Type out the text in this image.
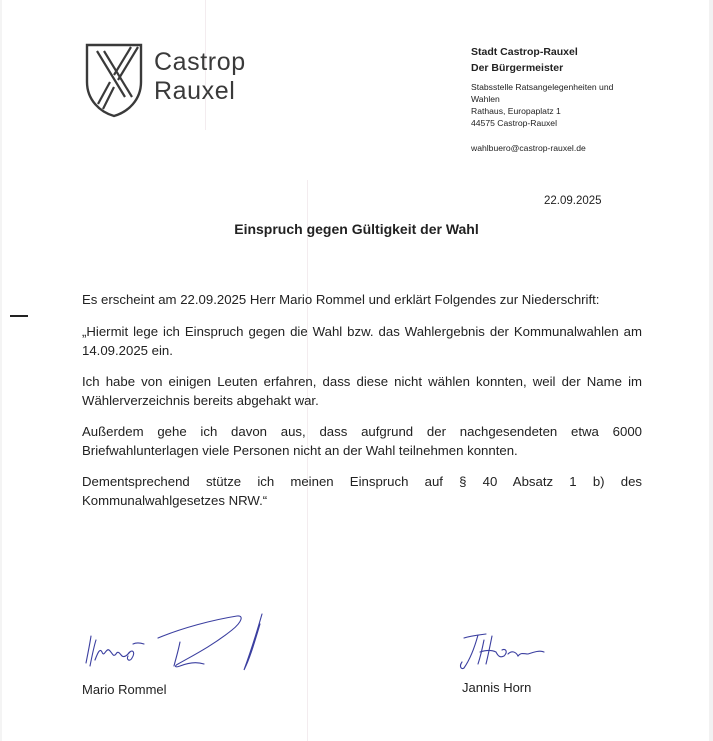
Castrop
Rauxel
Stadt Castrop-Rauxel
Der Bürgermeister
Stabsstelle Ratsangelegenheiten und
Wahlen
Rathaus, Europaplatz 1
44575 Castrop-Rauxel
wahlbuero@castrop-rauxel.de
22.09.2025
Einspruch gegen Gültigkeit der Wahl

Es erscheint am 22.09.2025 Herr Mario Rommel und erklärt Folgendes zur Niederschrift:

„Hiermit lege ich Einspruch gegen die Wahl bzw. das Wahlergebnis der Kommunalwahlen am 14.09.2025 ein.

Ich habe von einigen Leuten erfahren, dass diese nicht wählen konnten, weil der Name im Wählerverzeichnis bereits abgehakt war.

Außerdem gehe ich davon aus, dass aufgrund der nachgesendeten etwa 6000 Briefwahlunterlagen viele Personen nicht an der Wahl teilnehmen konnten.

Dementsprechend stütze ich meinen Einspruch auf § 40 Absatz 1 b) des Kommunalwahlgesetzes NRW.“

Mario Rommel	Jannis Horn
